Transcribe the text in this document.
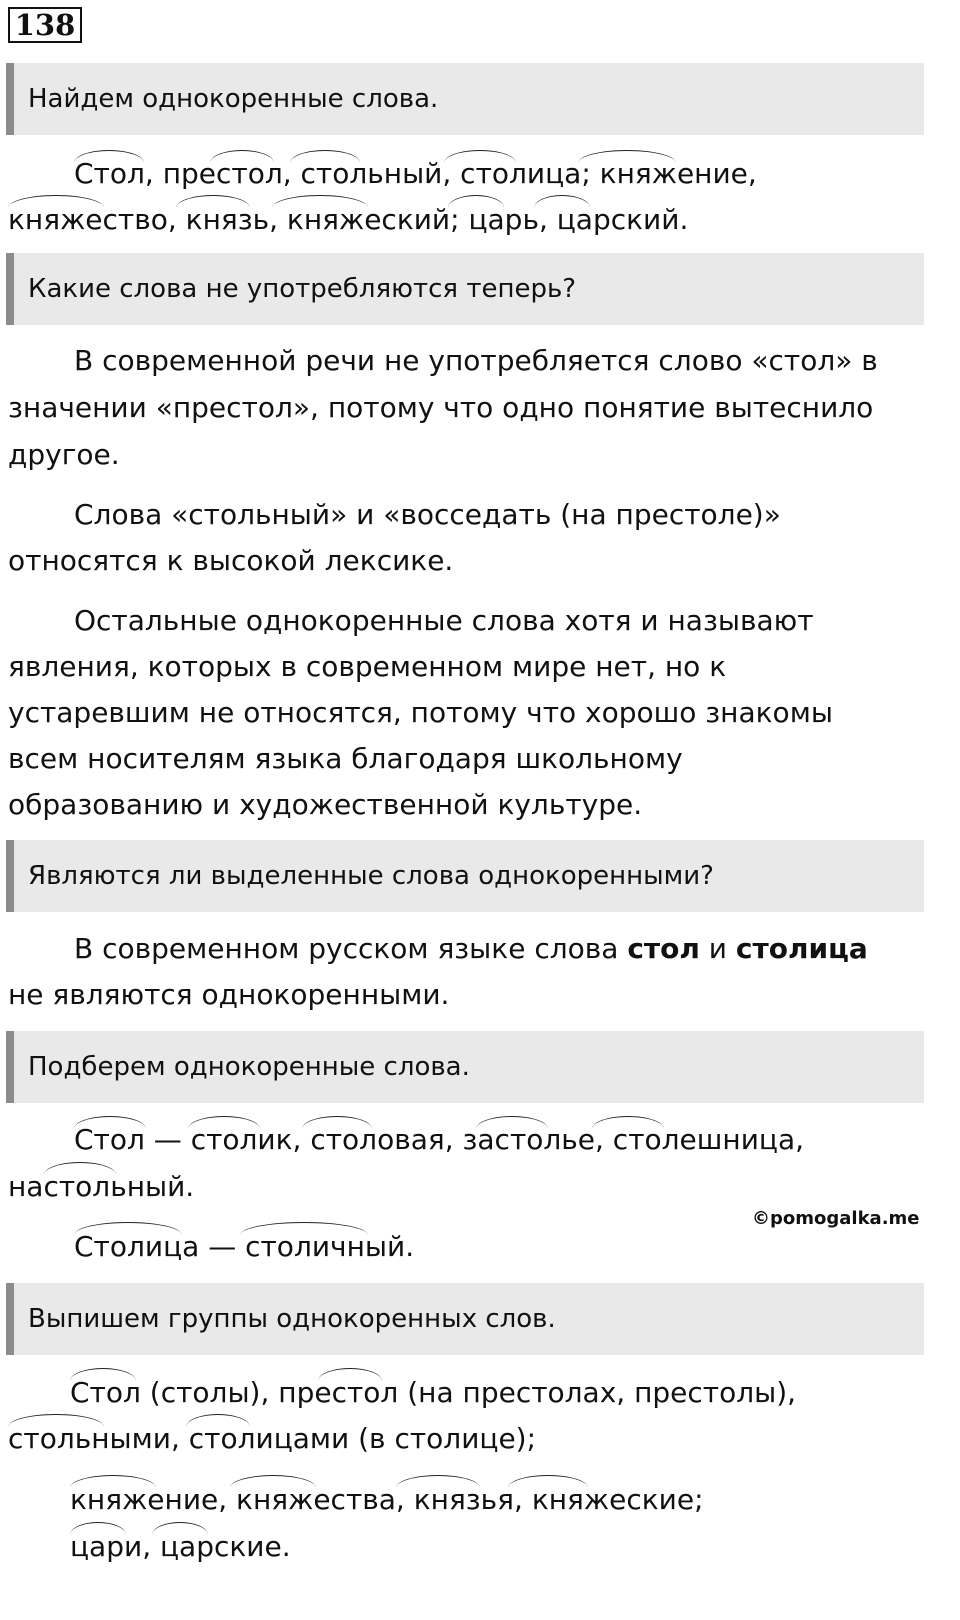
138
Найдем однокоренные слова.
Стол, престол, стольный, столица; княжение,
княжество, князь, княжеский; царь, царский.
Какие слова не употребляются теперь?
В современной речи не употребляется слово «стол» в
значении «престол», потому что одно понятие вытеснило
другое.
Слова «стольный» и «восседать (на престоле)»
относятся к высокой лексике.
Остальные однокоренные слова хотя и называют
явления, которых в современном мире нет, но к
устаревшим не относятся, потому что хорошо знакомы
всем носителям языка благодаря школьному
образованию и художественной культуре.
Являются ли выделенные слова однокоренными?
В современном русском языке слова стол и столица
не являются однокоренными.
Подберем однокоренные слова.
Стол — столик, столовая, застолье, столешница,
настольный.
Столица — столичный.
©pomogalka.me
Выпишем группы однокоренных слов.
Стол (столы), престол (на престолах, престолы),
стольными, столицами (в столице);
княжение, княжества, князья, княжеские;
цари, царские.
